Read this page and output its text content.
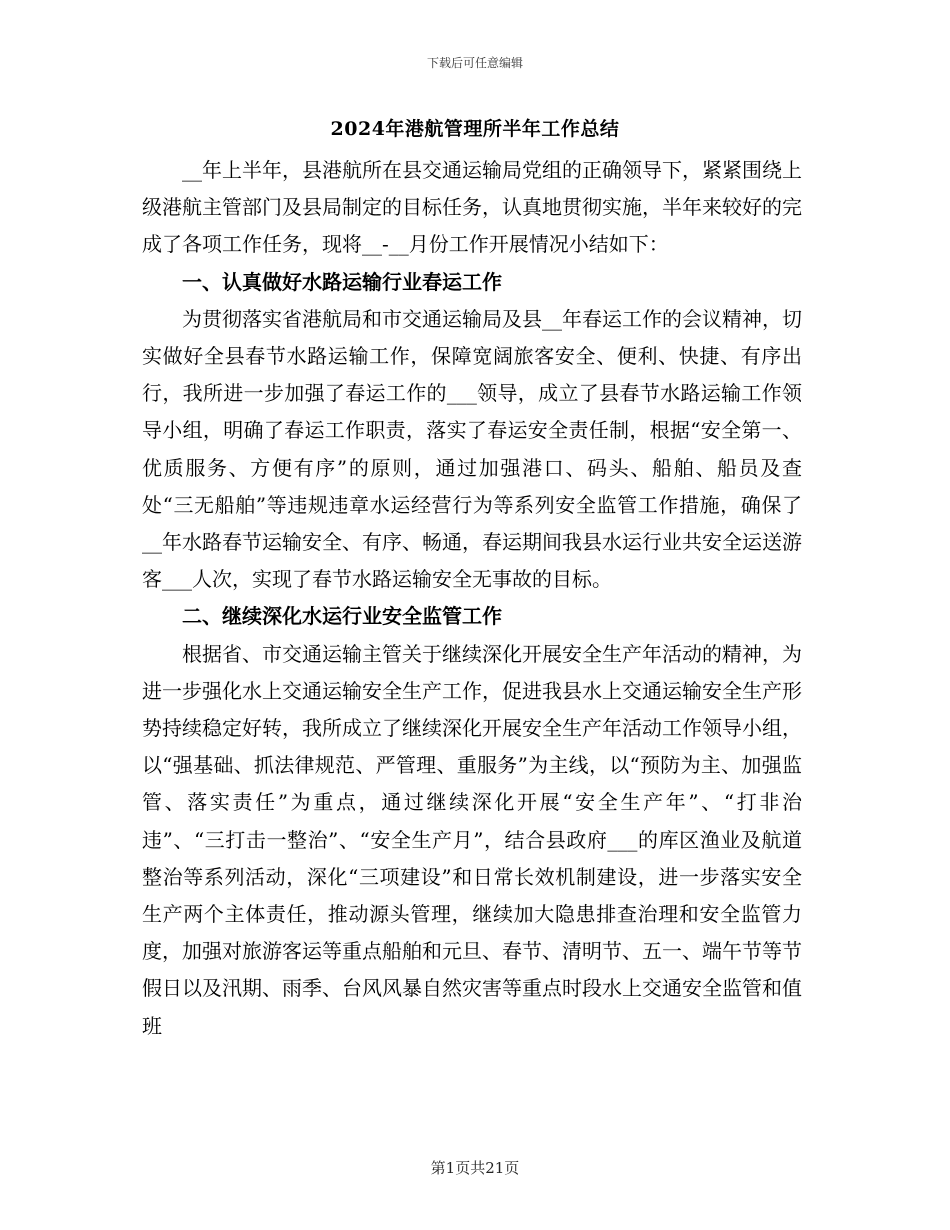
下载后可任意编辑
2024年港航管理所半年工作总结

__年上半年，县港航所在县交通运输局党组的正确领导下，紧紧围绕上级港航主管部门及县局制定的目标任务，认真地贯彻实施，半年来较好的完成了各项工作任务，现将__-__月份工作开展情况小结如下：

一、认真做好水路运输行业春运工作

为贯彻落实省港航局和市交通运输局及县__年春运工作的会议精神，切实做好全县春节水路运输工作，保障宽阔旅客安全、便利、快捷、有序出行，我所进一步加强了春运工作的___领导，成立了县春节水路运输工作领导小组，明确了春运工作职责，落实了春运安全责任制，根据“安全第一、优质服务、方便有序”的原则，通过加强港口、码头、船舶、船员及查处“三无船舶”等违规违章水运经营行为等系列安全监管工作措施，确保了__年水路春节运输安全、有序、畅通，春运期间我县水运行业共安全运送游客___人次，实现了春节水路运输安全无事故的目标。

二、继续深化水运行业安全监管工作

根据省、市交通运输主管关于继续深化开展安全生产年活动的精神，为进一步强化水上交通运输安全生产工作，促进我县水上交通运输安全生产形势持续稳定好转，我所成立了继续深化开展安全生产年活动工作领导小组，以“强基础、抓法律规范、严管理、重服务”为主线，以“预防为主、加强监管、落实责任”为重点，通过继续深化开展“安全生产年”、“打非治违”、“三打击一整治”、“安全生产月”，结合县政府___的库区渔业及航道整治等系列活动，深化“三项建设”和日常长效机制建设，进一步落实安全生产两个主体责任，推动源头管理，继续加大隐患排查治理和安全监管力度，加强对旅游客运等重点船舶和元旦、春节、清明节、五一、端午节等节假日以及汛期、雨季、台风风暴自然灾害等重点时段水上交通安全监管和值班

第1页共21页
